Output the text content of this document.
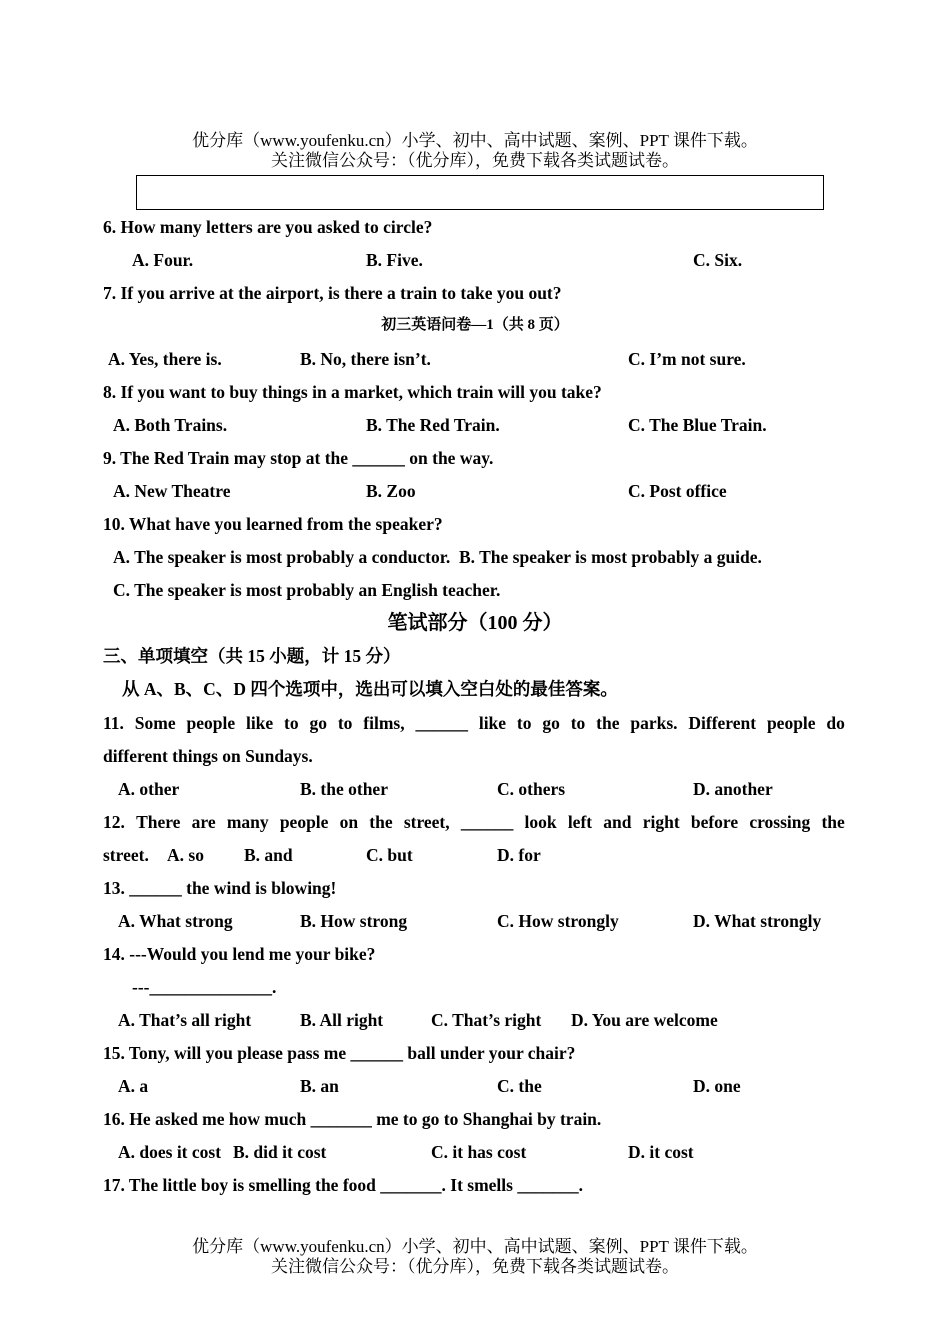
优分库（www.youfenku.cn）小学、初中、高中试题、案例、PPT 课件下载。
关注微信公众号：（优分库），免费下载各类试题试卷。
6. How many letters are you asked to circle?
A. Four.	B. Five.	C. Six.
7. If you arrive at the airport, is there a train to take you out?
初三英语问卷—1（共 8 页）
A. Yes, there is.	B. No, there isn’t.	C. I’m not sure.
8. If you want to buy things in a market, which train will you take?
A. Both Trains.	B. The Red Train.	C. The Blue Train.
9. The Red Train may stop at the ______ on the way.
A. New Theatre	B. Zoo	C. Post office
10. What have you learned from the speaker?
A. The speaker is most probably a conductor.  B. The speaker is most probably a guide.
C. The speaker is most probably an English teacher.
笔试部分（100 分）
三、单项填空（共 15 小题，计 15 分）
从 A、B、C、D 四个选项中，选出可以填入空白处的最佳答案。
11. Some people like to go to films, ______ like to go to the parks. Different people do
different things on Sundays.
A. other	B. the other	C. others	D. another
12. There are many people on the street, ______ look left and right before crossing the
street. A. so B. and	C. but	D. for
13. ______ the wind is blowing!
A. What strong	B. How strong	C. How strongly	D. What strongly
14. ---Would you lend me your bike?
---______________.
A. That’s all right	B. All right	C. That’s right D. You are welcome
15. Tony, will you please pass me ______ ball under your chair?
A. a	B. an	C. the	D. one
16. He asked me how much _______ me to go to Shanghai by train.
A. does it cost B. did it cost	C. it has cost	D. it cost
17. The little boy is smelling the food _______. It smells _______.
优分库（www.youfenku.cn）小学、初中、高中试题、案例、PPT 课件下载。
关注微信公众号：（优分库），免费下载各类试题试卷。
